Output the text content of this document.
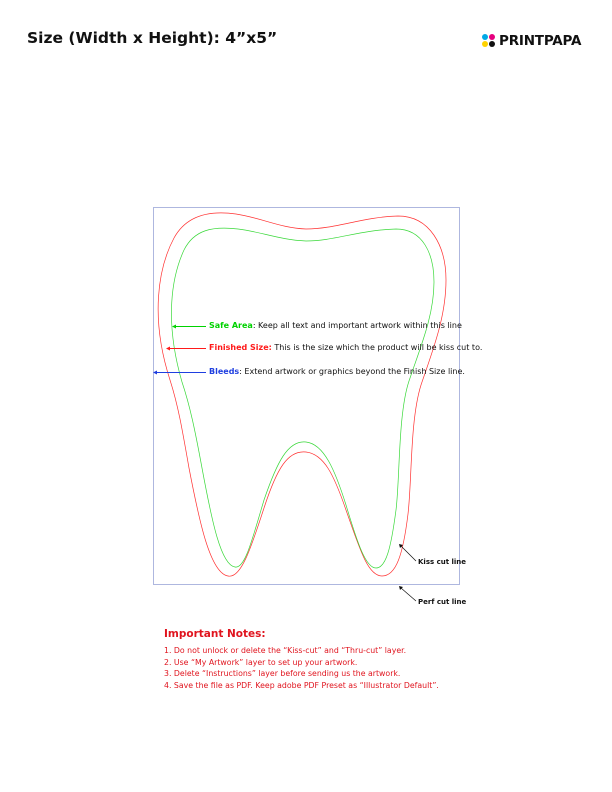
Size (Width x Height): 4”x5”	PRINTPAPA
Safe Area: Keep all text and important artwork within this line
Finished Size: This is the size which the product will be kiss cut to.
Bleeds: Extend artwork or graphics beyond the Finish Size line.
Kiss cut line
Perf cut line
Important Notes:
1. Do not unlock or delete the “Kiss-cut” and “Thru-cut” layer.
2. Use “My Artwork” layer to set up your artwork.
3. Delete “Instructions” layer before sending us the artwork.
4. Save the file as PDF. Keep adobe PDF Preset as “Illustrator Default”.
